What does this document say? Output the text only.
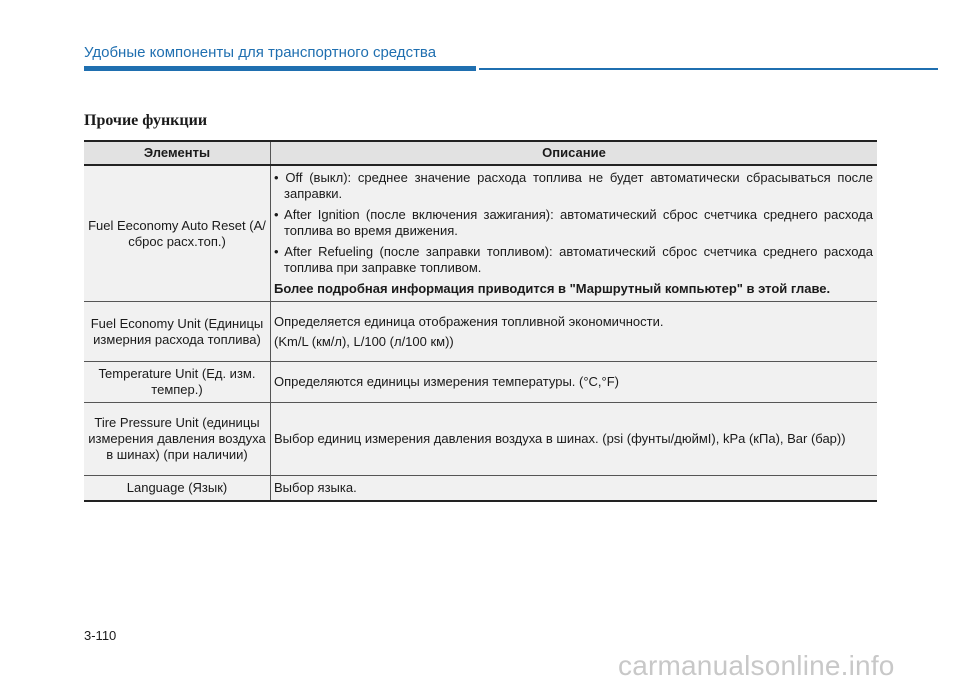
Удобные компоненты для транспортного средства
Прочие функции
Элементы	Описание
Fuel Eeconomy Auto Reset (А/сброс расх.топ.)	• Off (выкл): среднее значение расхода топлива не будет автоматически сбрасываться после заправки.

• After Ignition (после включения зажигания): автоматический сброс счетчика среднего расхода топлива во время движения.

• After Refueling (после заправки топливом): автоматический сброс счетчика среднего расхода топлива при заправке топливом.

Более подробная информация приводится в "Маршрутный компьютер" в этой главе.

Fuel Economy Unit (Единицы измерния расхода топлива)	Определяется единица отображения топливной экономичности.

(Km/L (км/л), L/100 (л/100 км))

Temperature Unit (Ед. изм. темпер.)	Определяются единицы измерения температуры. (°C,°F)

Tire Pressure Unit (единицы измерения давления воздуха в шинах) (при наличии)	Выбор единиц измерения давления воздуха в шинах. (psi (фунты/дюймI), kPa (кПа), Bar (бар))

Language (Язык)	Выбор языка.

3-110
carmanualsonline.info
